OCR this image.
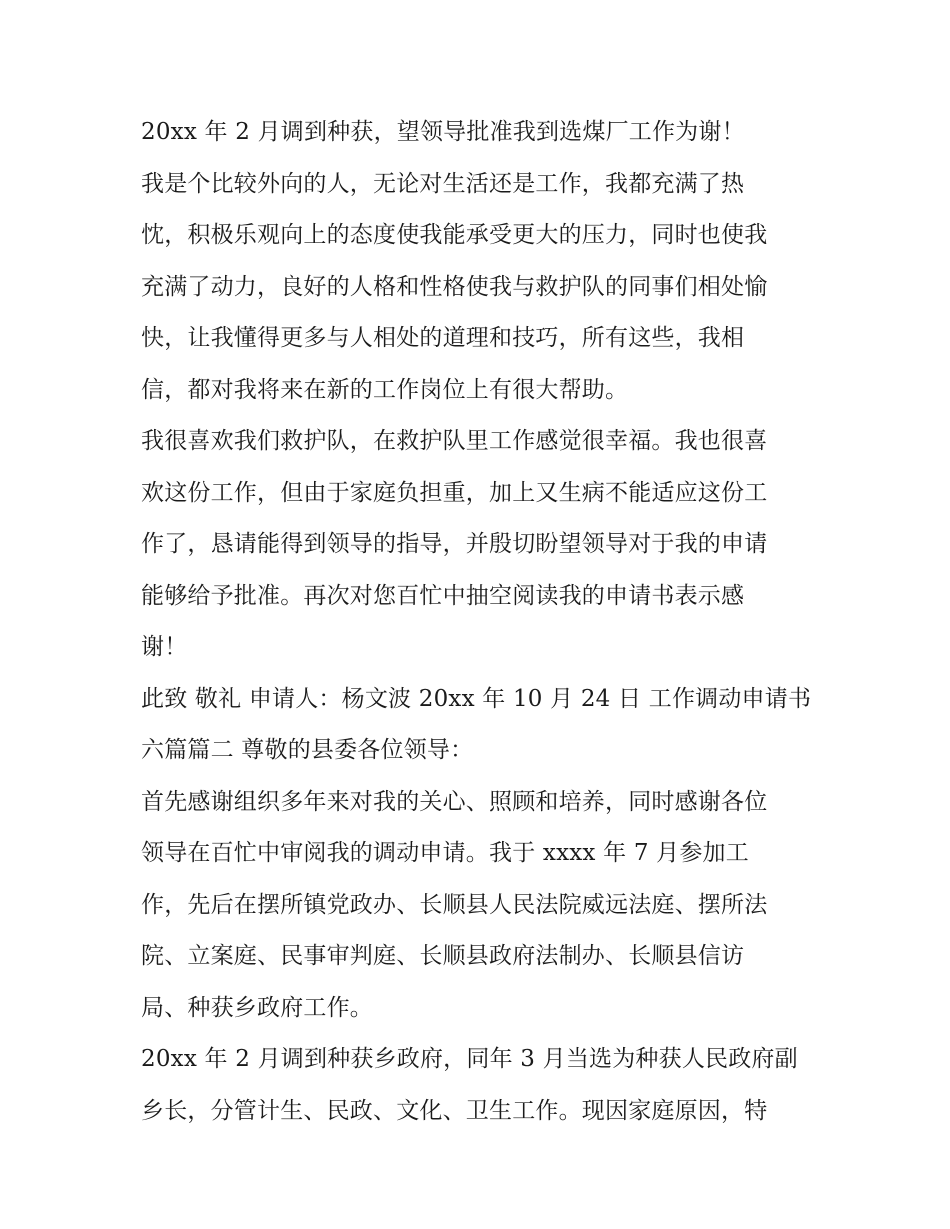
20xx 年 2 月调到种获，望领导批准我到选煤厂工作为谢！
我是个比较外向的人，无论对生活还是工作，我都充满了热
忱，积极乐观向上的态度使我能承受更大的压力，同时也使我
充满了动力，良好的人格和性格使我与救护队的同事们相处愉
快，让我懂得更多与人相处的道理和技巧，所有这些，我相
信，都对我将来在新的工作岗位上有很大帮助。
我很喜欢我们救护队，在救护队里工作感觉很幸福。我也很喜
欢这份工作，但由于家庭负担重，加上又生病不能适应这份工
作了，恳请能得到领导的指导，并殷切盼望领导对于我的申请
能够给予批准。再次对您百忙中抽空阅读我的申请书表示感
谢！
此致 敬礼 申请人：杨文波 20xx 年 10 月 24 日 工作调动申请书
六篇篇二 尊敬的县委各位领导：
首先感谢组织多年来对我的关心、照顾和培养，同时感谢各位
领导在百忙中审阅我的调动申请。我于 xxxx 年 7 月参加工
作，先后在摆所镇党政办、长顺县人民法院威远法庭、摆所法
院、立案庭、民事审判庭、长顺县政府法制办、长顺县信访
局、种获乡政府工作。
20xx 年 2 月调到种获乡政府，同年 3 月当选为种获人民政府副
乡长，分管计生、民政、文化、卫生工作。现因家庭原因，特
